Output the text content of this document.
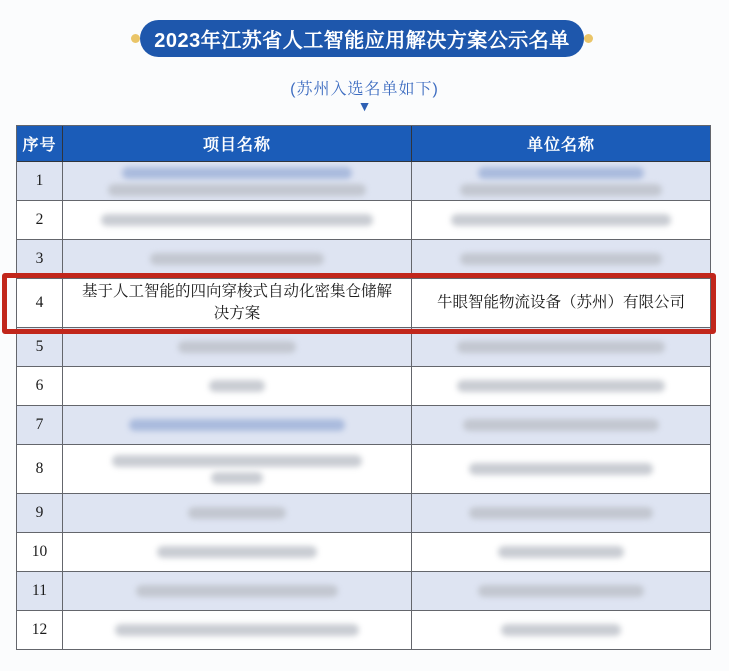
2023年江苏省人工智能应用解决方案公示名单
(苏州入选名单如下)
▼
序号	项目名称	单位名称
1
2
3
4
基于人工智能的四向穿梭式自动化密集仓储解决方案
牛眼智能物流设备（苏州）有限公司
5
6
7
8
9
10
11
12
